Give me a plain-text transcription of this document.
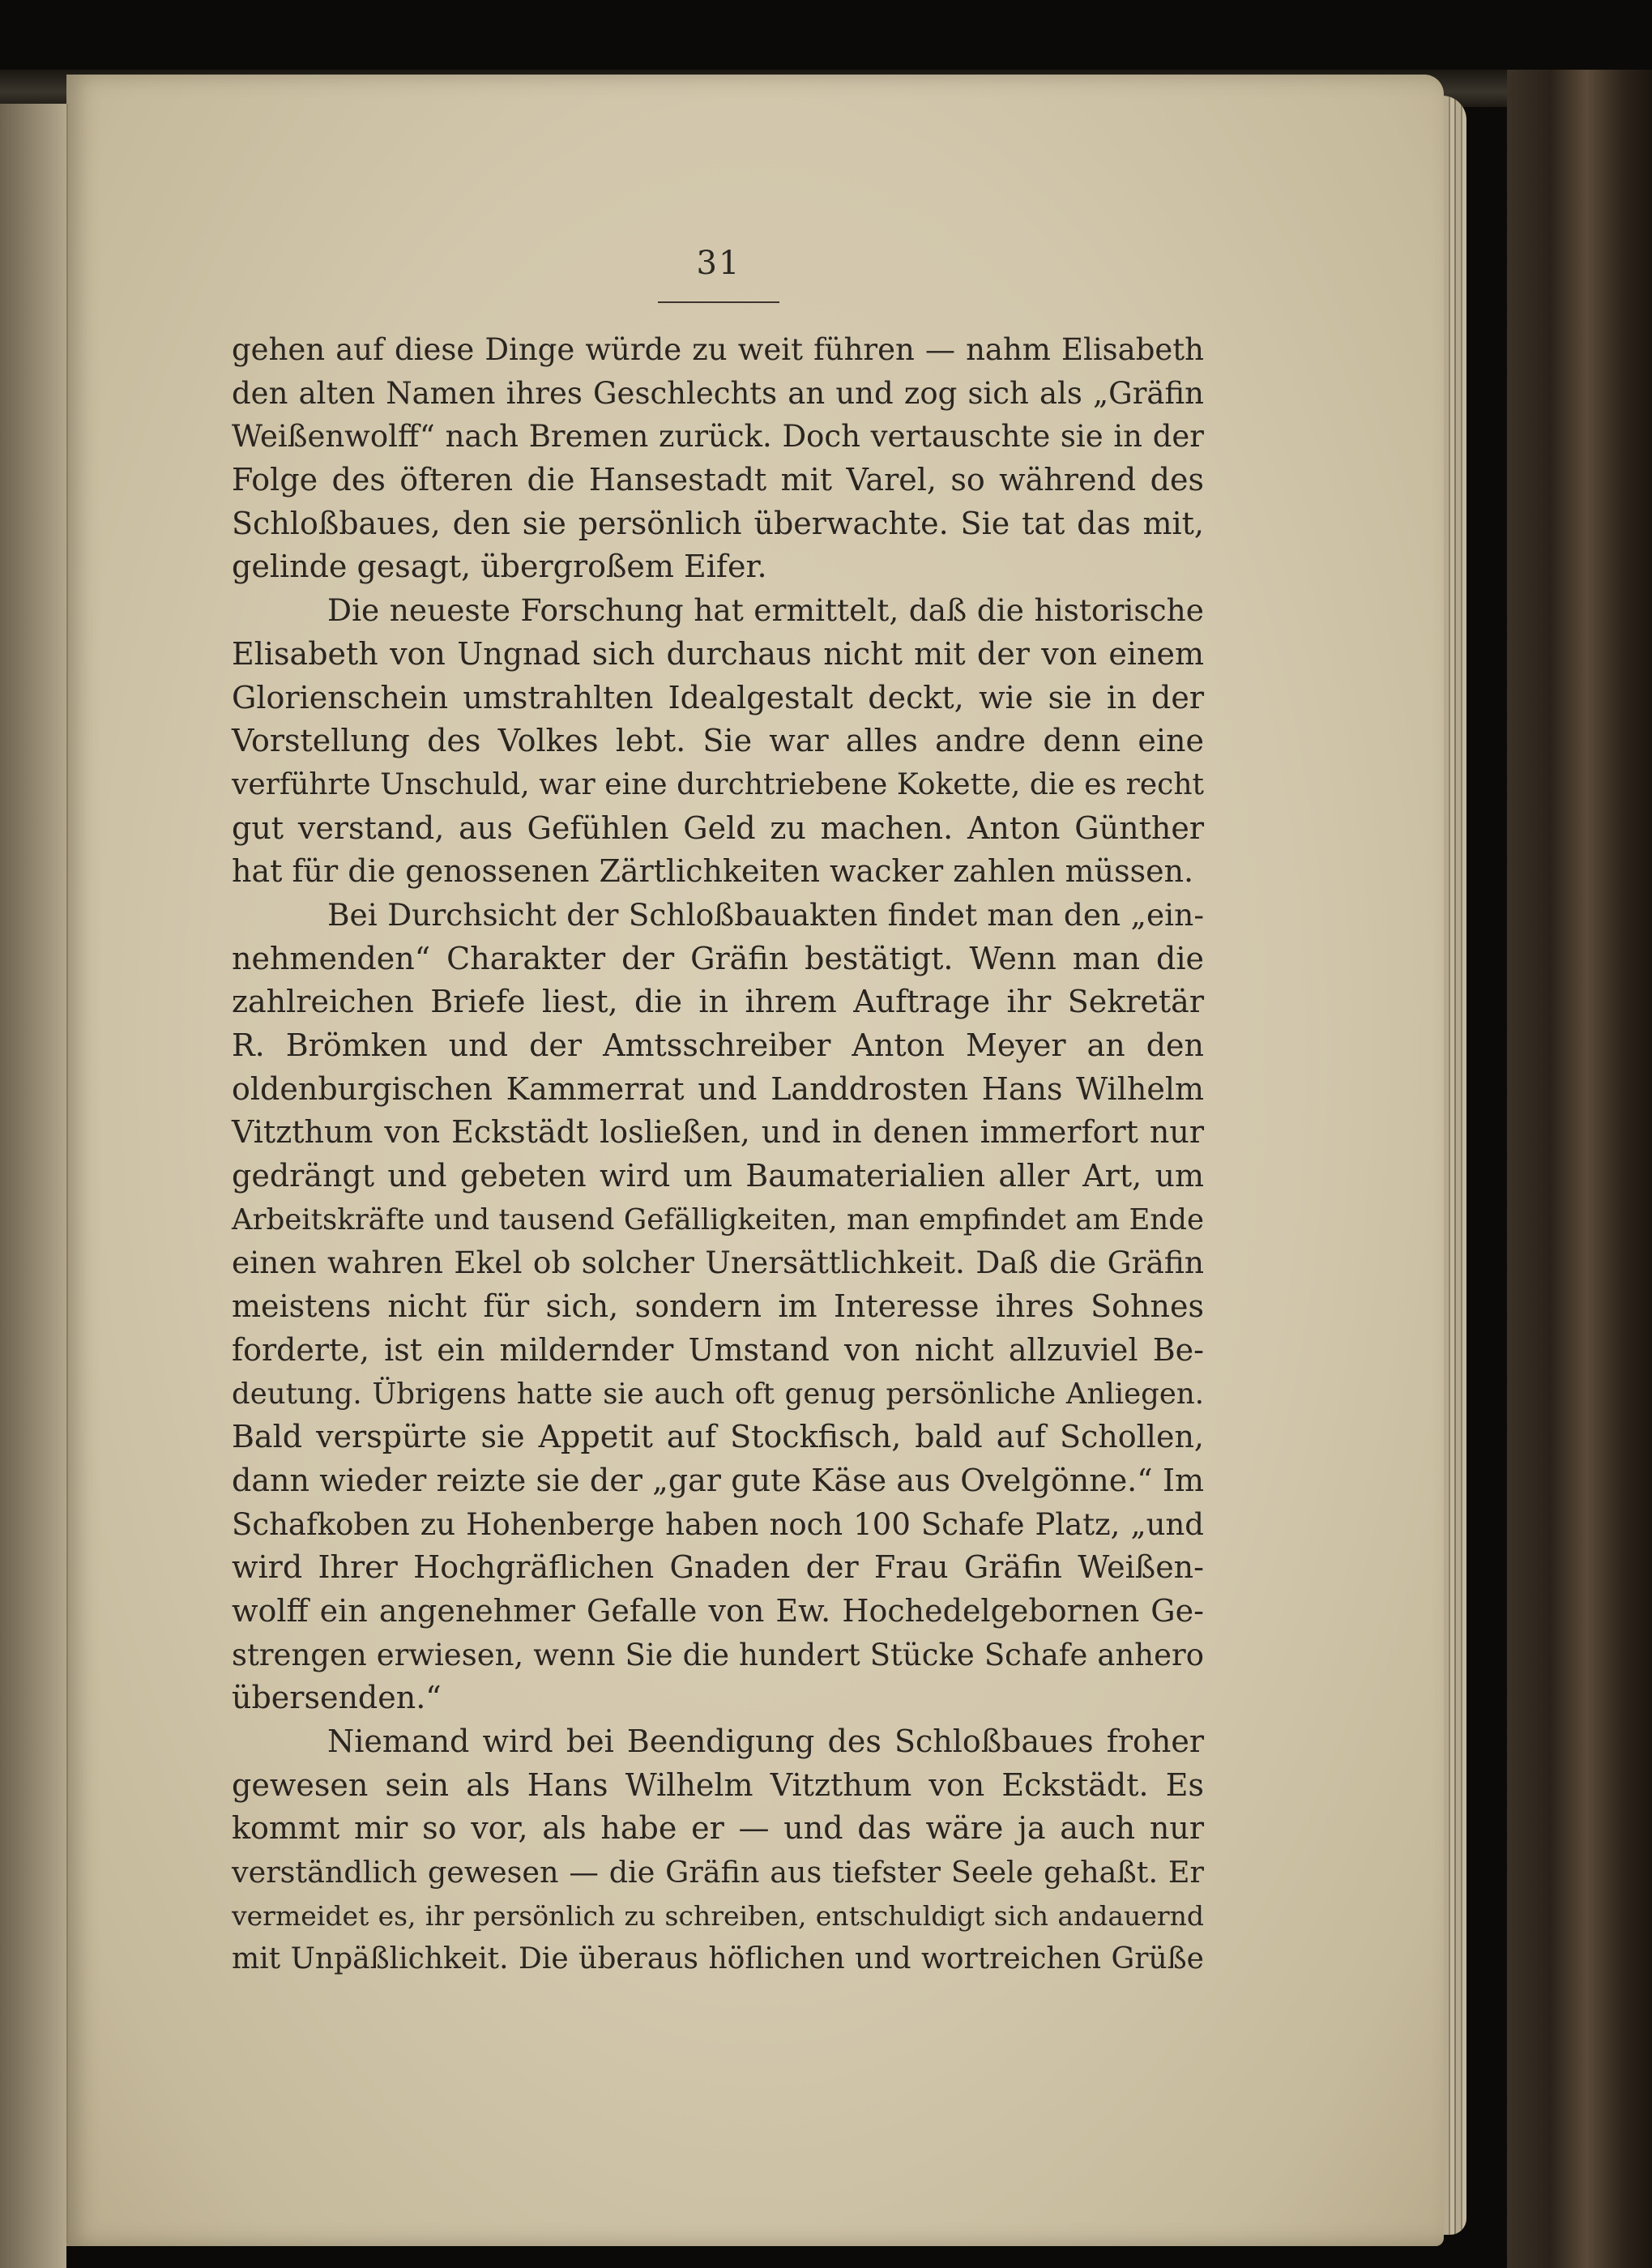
31
gehen auf diese Dinge würde zu weit führen — nahm Elisabeth
den alten Namen ihres Geschlechts an und zog sich als „Gräfin
Weißenwolff“ nach Bremen zurück. Doch vertauschte sie in der
Folge des öfteren die Hansestadt mit Varel, so während des
Schloßbaues, den sie persönlich überwachte. Sie tat das mit,
gelinde gesagt, übergroßem Eifer.
Die neueste Forschung hat ermittelt, daß die historische
Elisabeth von Ungnad sich durchaus nicht mit der von einem
Glorienschein umstrahlten Idealgestalt deckt, wie sie in der
Vorstellung des Volkes lebt. Sie war alles andre denn eine
verführte Unschuld, war eine durchtriebene Kokette, die es recht
gut verstand, aus Gefühlen Geld zu machen. Anton Günther
hat für die genossenen Zärtlichkeiten wacker zahlen müssen.
Bei Durchsicht der Schloßbauakten findet man den „ein-
nehmenden“ Charakter der Gräfin bestätigt. Wenn man die
zahlreichen Briefe liest, die in ihrem Auftrage ihr Sekretär
R. Brömken und der Amtsschreiber Anton Meyer an den
oldenburgischen Kammerrat und Landdrosten Hans Wilhelm
Vitzthum von Eckstädt losließen, und in denen immerfort nur
gedrängt und gebeten wird um Baumaterialien aller Art, um
Arbeitskräfte und tausend Gefälligkeiten, man empfindet am Ende
einen wahren Ekel ob solcher Unersättlichkeit. Daß die Gräfin
meistens nicht für sich, sondern im Interesse ihres Sohnes
forderte, ist ein mildernder Umstand von nicht allzuviel Be-
deutung. Übrigens hatte sie auch oft genug persönliche Anliegen.
Bald verspürte sie Appetit auf Stockfisch, bald auf Schollen,
dann wieder reizte sie der „gar gute Käse aus Ovelgönne.“ Im
Schafkoben zu Hohenberge haben noch 100 Schafe Platz, „und
wird Ihrer Hochgräflichen Gnaden der Frau Gräfin Weißen-
wolff ein angenehmer Gefalle von Ew. Hochedelgebornen Ge-
strengen erwiesen, wenn Sie die hundert Stücke Schafe anhero
übersenden.“
Niemand wird bei Beendigung des Schloßbaues froher
gewesen sein als Hans Wilhelm Vitzthum von Eckstädt. Es
kommt mir so vor, als habe er — und das wäre ja auch nur
verständlich gewesen — die Gräfin aus tiefster Seele gehaßt. Er
vermeidet es, ihr persönlich zu schreiben, entschuldigt sich andauernd
mit Unpäßlichkeit. Die überaus höflichen und wortreichen Grüße
